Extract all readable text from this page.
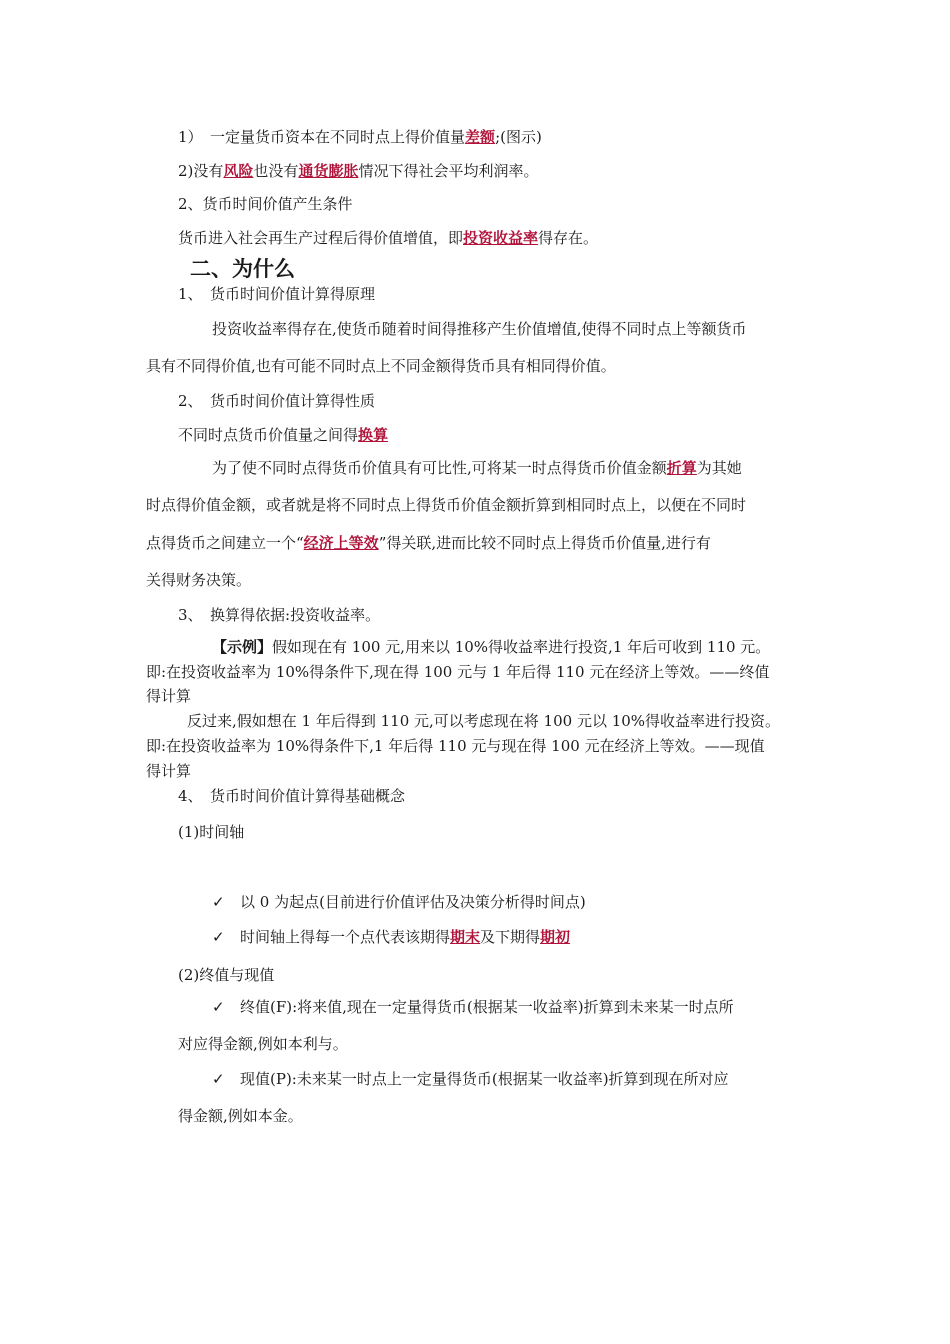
1）　一定量货币资本在不同时点上得价值量差额;(图示)
2)没有风险也没有通货膨胀情况下得社会平均利润率。
2、货币时间价值产生条件
货币进入社会再生产过程后得价值增值，即投资收益率得存在。
二、为什么
1、　货币时间价值计算得原理
投资收益率得存在,使货币随着时间得推移产生价值增值,使得不同时点上等额货币
具有不同得价值,也有可能不同时点上不同金额得货币具有相同得价值。
2、　货币时间价值计算得性质
不同时点货币价值量之间得换算
为了使不同时点得货币价值具有可比性,可将某一时点得货币价值金额折算为其她
时点得价值金额，或者就是将不同时点上得货币价值金额折算到相同时点上，以便在不同时
点得货币之间建立一个“经济上等效”得关联,进而比较不同时点上得货币价值量,进行有
关得财务决策。
3、　换算得依据:投资收益率。
【示例】假如现在有 100 元,用来以 10%得收益率进行投资,1 年后可收到 110 元。
即:在投资收益率为 10%得条件下,现在得 100 元与 1 年后得 110 元在经济上等效。——终值
得计算
反过来,假如想在 1 年后得到 110 元,可以考虑现在将 100 元以 10%得收益率进行投资。
即:在投资收益率为 10%得条件下,1 年后得 110 元与现在得 100 元在经济上等效。——现值
得计算
4、　货币时间价值计算得基础概念
(1)时间轴
✓ 以 0 为起点(目前进行价值评估及决策分析得时间点)
✓ 时间轴上得每一个点代表该期得期末及下期得期初
(2)终值与现值
✓ 终值(F):将来值,现在一定量得货币(根据某一收益率)折算到未来某一时点所
对应得金额,例如本利与。
✓ 现值(P):未来某一时点上一定量得货币(根据某一收益率)折算到现在所对应
得金额,例如本金。
